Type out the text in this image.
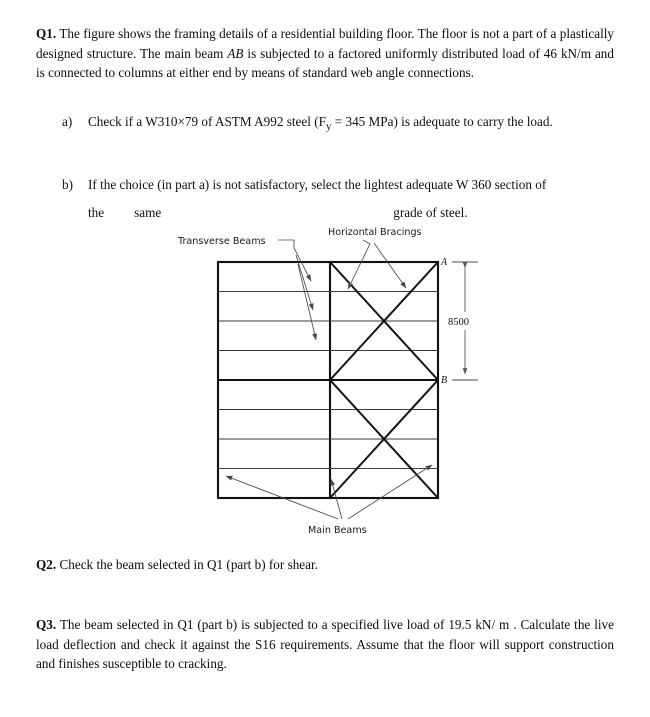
Q1. The figure shows the framing details of a residential building floor. The floor is not a part of a plastically designed structure. The main beam AB is subjected to a factored uniformly distributed load of 46 kN/m and is connected to columns at either end by means of standard web angle connections.
a)	Check if a W310×79 of ASTM A992 steel ($F_y = 345$ MPa) is adequate to carry the load.
b)	If the choice (in part a) is not satisfactory, select the lightest adequate W 360 section of
the same	grade of steel.
Transverse Beams
Horizontal Bracings
Main Beams
A
B
8500
Q2. Check the beam selected in Q1 (part b) for shear.
Q3. The beam selected in Q1 (part b) is subjected to a specified live load of 19.5 kN/ m . Calculate the live load deflection and check it against the S16 requirements. Assume that the floor will support construction and finishes susceptible to cracking.
